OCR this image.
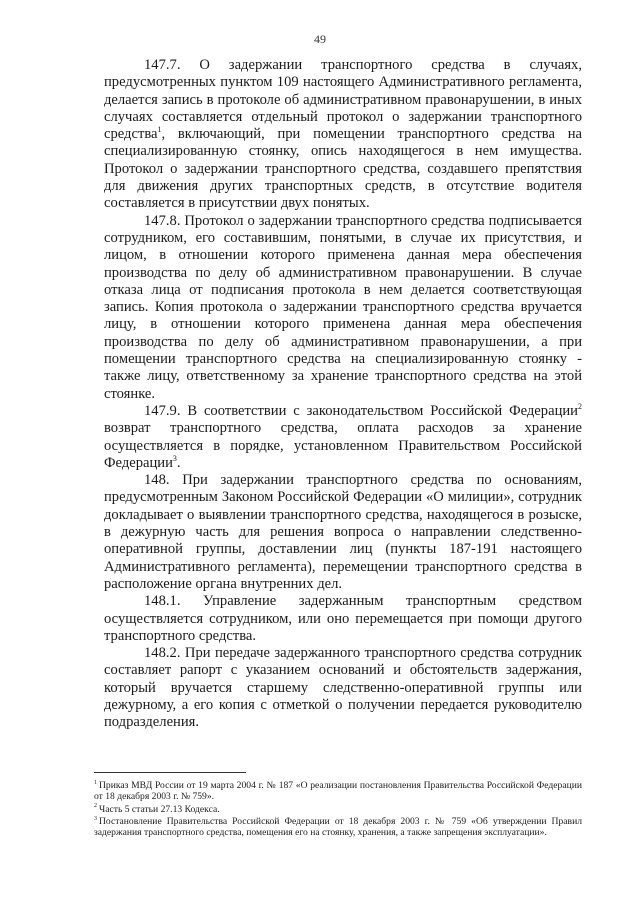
49

147.7. О задержании транспортного средства в случаях, предусмотренных пунктом 109 настоящего Административного регламента, делается запись в протоколе об административном правонарушении, в иных случаях составляется отдельный протокол о задержании транспортного средства$^1$, включающий, при помещении транспортного средства на специализированную стоянку, опись находящегося в нем имущества. Протокол о задержании транспортного средства, создавшего препятствия для движения других транспортных средств, в отсутствие водителя составляется в присутствии двух понятых.

147.8. Протокол о задержании транспортного средства подписывается сотрудником, его составившим, понятыми, в случае их присутствия, и лицом, в отношении которого применена данная мера обеспечения производства по делу об административном правонарушении. В случае отказа лица от подписания протокола в нем делается соответствующая запись. Копия протокола о задержании транспортного средства вручается лицу, в отношении которого применена данная мера обеспечения производства по делу об административном правонарушении, а при помещении транспортного средства на специализированную стоянку - также лицу, ответственному за хранение транспортного средства на этой стоянке.

147.9. В соответствии с законодательством Российской Федерации$^2$ возврат транспортного средства, оплата расходов за хранение осуществляется в порядке, установленном Правительством Российской Федерации$^3$.

148. При задержании транспортного средства по основаниям, предусмотренным Законом Российской Федерации «О милиции», сотрудник докладывает о выявлении транспортного средства, находящегося в розыске, в дежурную часть для решения вопроса о направлении следственно-оперативной группы, доставлении лиц (пункты 187-191 настоящего Административного регламента), перемещении транспортного средства в расположение органа внутренних дел.

148.1. Управление задержанным транспортным средством осуществляется сотрудником, или оно перемещается при помощи другого транспортного средства.

148.2. При передаче задержанного транспортного средства сотрудник составляет рапорт с указанием оснований и обстоятельств задержания, который вручается старшему следственно-оперативной группы или дежурному, а его копия с отметкой о получении передается руководителю подразделения.

$^1$ Приказ МВД России от 19 марта 2004 г. № 187 «О реализации постановления Правительства Российской Федерации от 18 декабря 2003 г. № 759».

$^2$ Часть 5 статьи 27.13 Кодекса.

$^3$ Постановление Правительства Российской Федерации от 18 декабря 2003 г. № 759 «Об утверждении Правил задержания транспортного средства, помещения его на стоянку, хранения, а также запрещения эксплуатации».
